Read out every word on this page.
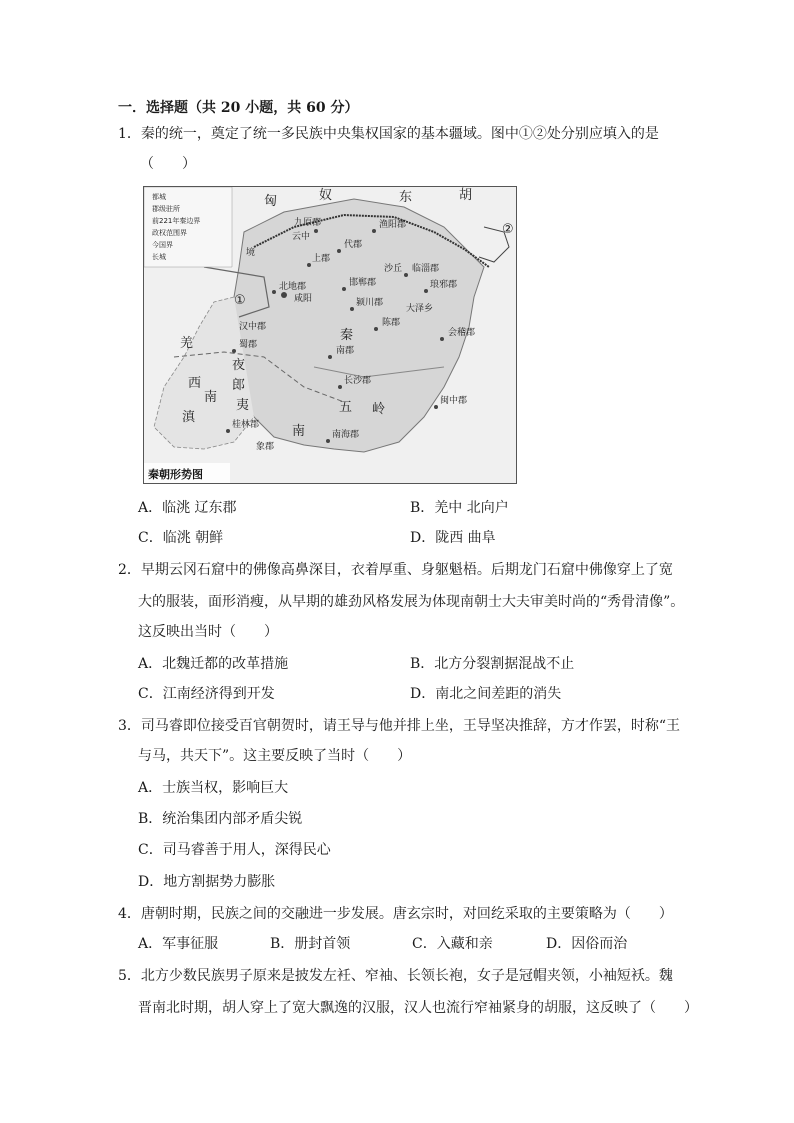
一．选择题（共 20 小题，共 60 分）
1．秦的统一，奠定了统一多民族中央集权国家的基本疆域。图中①②处分别应填入的是
（　　）
都城
郡级驻所
前221年秦边界
政权范围界
今国界
长城
匈	奴	东	胡
九原郡
云中
渔阳郡
代郡
上郡
沙丘 临淄郡
琅邪郡
北地郡
咸阳
邯郸郡
颍川郡
大泽乡
汉中郡	陈郡
秦	会稽郡
蜀郡
南郡
长沙郡
羌
西
夜
郎
夷
南
滇	桂林郡
象郡
南海郡
闽中郡
五 岭
南
境
①
②
秦朝形势图
A．临洮 辽东郡	B．羌中 北向户
C．临洮 朝鲜	D．陇西 曲阜
2．早期云冈石窟中的佛像高鼻深目，衣着厚重、身躯魁梧。后期龙门石窟中佛像穿上了宽
大的服装，面形消瘦，从早期的雄劲风格发展为体现南朝士大夫审美时尚的“秀骨清像”。
这反映出当时（　　）
A．北魏迁都的改革措施	B．北方分裂割据混战不止
C．江南经济得到开发	D．南北之间差距的消失
3．司马睿即位接受百官朝贺时，请王导与他并排上坐，王导坚决推辞，方才作罢，时称“王
与马，共天下”。这主要反映了当时（　　）
A．士族当权，影响巨大
B．统治集团内部矛盾尖锐
C．司马睿善于用人，深得民心
D．地方割据势力膨胀
4．唐朝时期，民族之间的交融进一步发展。唐玄宗时，对回纥采取的主要策略为（　　）
A．军事征服	B．册封首领	C．入藏和亲	D．因俗而治
5．北方少数民族男子原来是披发左衽、窄袖、长领长袍，女子是冠帽夹领，小袖短袄。魏
晋南北时期，胡人穿上了宽大飘逸的汉服，汉人也流行窄袖紧身的胡服，这反映了（　　）
